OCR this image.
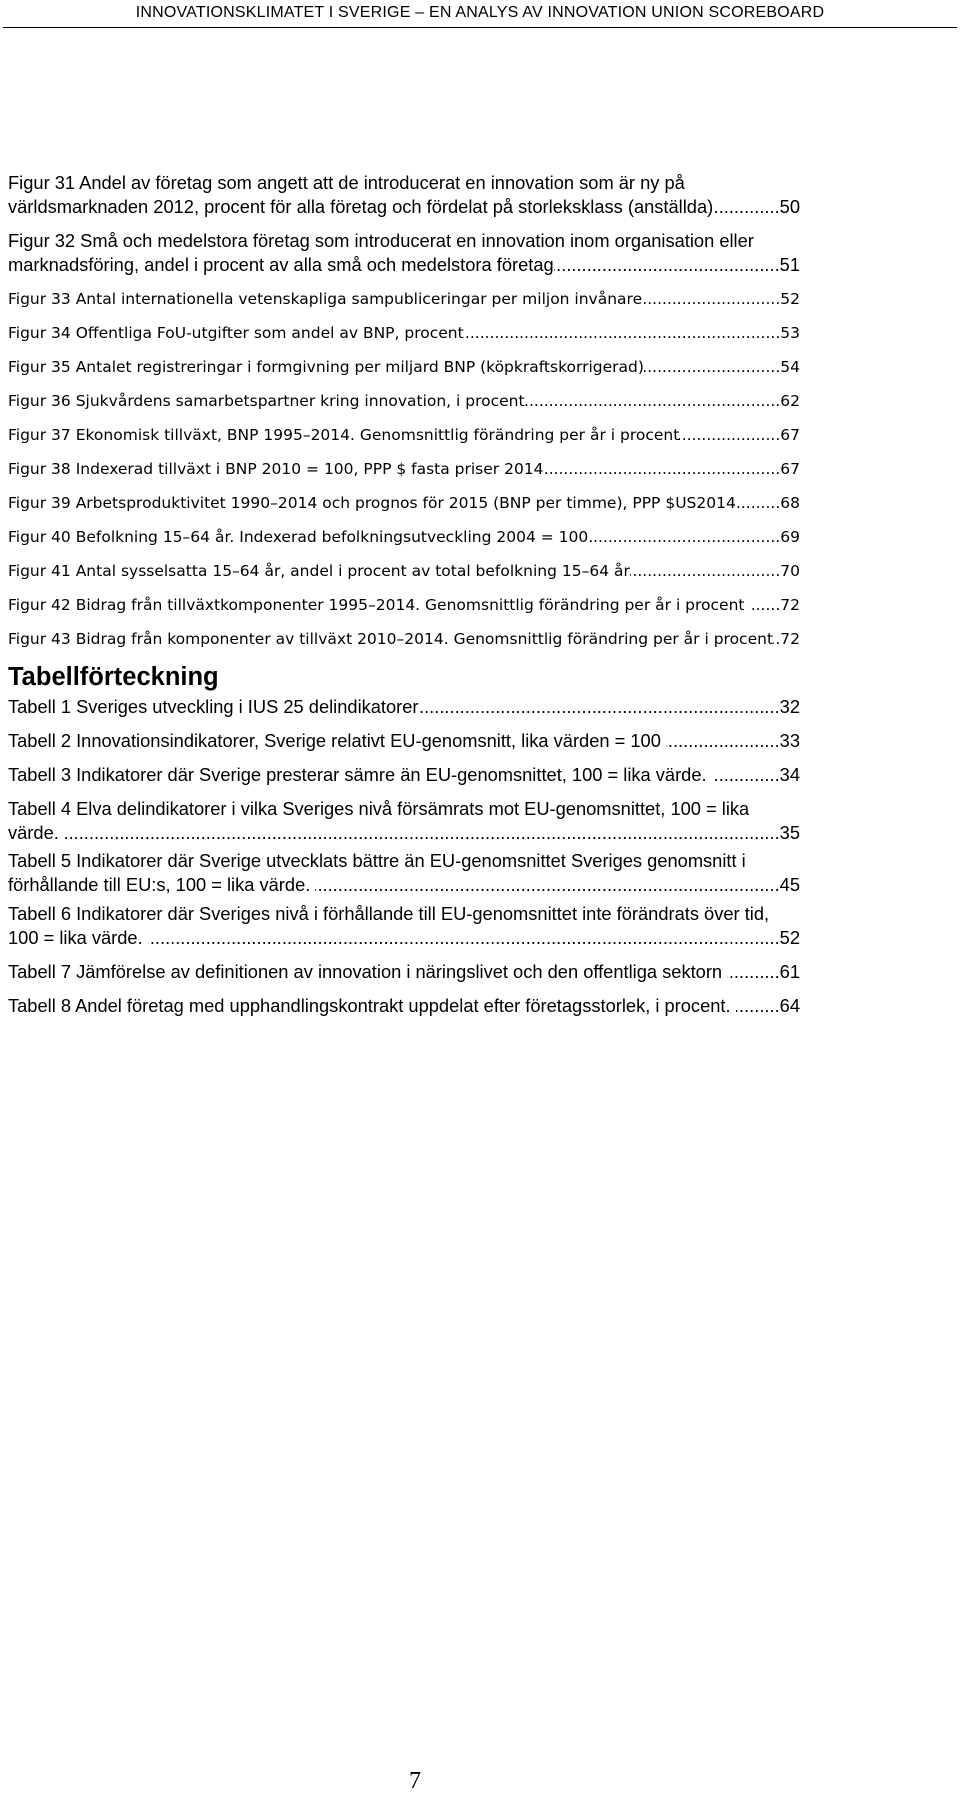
INNOVATIONSKLIMATET I SVERIGE – EN ANALYS AV INNOVATION UNION SCOREBOARD
Figur 31 Andel av företag som angett att de introducerat en innovation som är ny på
världsmarknaden 2012, procent för alla företag och fördelat på storleksklass (anställda) .....	50
Figur 32 Små och medelstora företag som introducerat en innovation inom organisation eller
marknadsföring, andel i procent av alla små och medelstora företag .....	51
Figur 33 Antal internationella vetenskapliga sampubliceringar per miljon invånare .....	52
Figur 34 Offentliga FoU-utgifter som andel av BNP, procent .....	53
Figur 35 Antalet registreringar i formgivning per miljard BNP (köpkraftskorrigerad) .....	54
Figur 36 Sjukvårdens samarbetspartner kring innovation, i procent .....	62
Figur 37 Ekonomisk tillväxt, BNP 1995–2014. Genomsnittlig förändring per år i procent .....	67
Figur 38 Indexerad tillväxt i BNP 2010 = 100, PPP $ fasta priser 2014 .....	67
Figur 39 Arbetsproduktivitet 1990–2014 och prognos för 2015 (BNP per timme), PPP $US2014 .....	68
Figur 40 Befolkning 15–64 år. Indexerad befolkningsutveckling 2004 = 100. .....	69
Figur 41 Antal sysselsatta 15–64 år, andel i procent av total befolkning 15–64 år .....	70
Figur 42 Bidrag från tillväxtkomponenter 1995–2014. Genomsnittlig förändring per år i procent .....	72
Figur 43 Bidrag från komponenter av tillväxt 2010–2014. Genomsnittlig förändring per år i procent ..... 72
Tabellförteckning
Tabell 1 Sveriges utveckling i IUS 25 delindikatorer .....	32
Tabell 2 Innovationsindikatorer, Sverige relativt EU-genomsnitt, lika värden = 100 .....	33
Tabell 3 Indikatorer där Sverige presterar sämre än EU-genomsnittet, 100 = lika värde. .....	34
Tabell 4 Elva delindikatorer i vilka Sveriges nivå försämrats mot EU-genomsnittet, 100 = lika
värde. .....	35
Tabell 5 Indikatorer där Sverige utvecklats bättre än EU-genomsnittet Sveriges genomsnitt i
förhållande till EU:s, 100 = lika värde. .....	45
Tabell 6 Indikatorer där Sveriges nivå i förhållande till EU-genomsnittet inte förändrats över tid,
100 = lika värde. .....	52
Tabell 7 Jämförelse av definitionen av innovation i näringslivet och den offentliga sektorn .....	61
Tabell 8 Andel företag med upphandlingskontrakt uppdelat efter företagsstorlek, i procent. .....	64
7
